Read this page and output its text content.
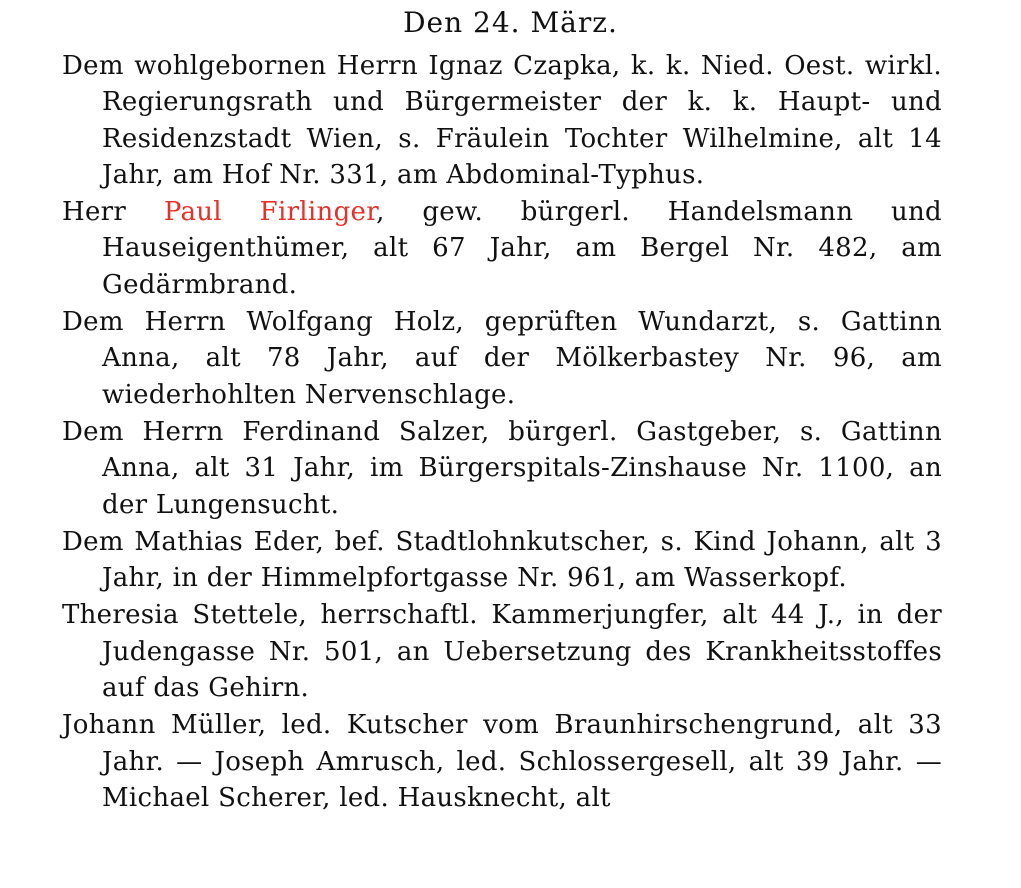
Den 24. März.

Dem wohlgebornen Herrn Ignaz Czapka, k. k. Nied. Oest. wirkl. Regierungsrath und Bürgermeister der k. k. Haupt- und Residenzstadt Wien, s. Fräulein Tochter Wilhelmine, alt 14 Jahr, am Hof Nr. 331, am Abdominal-Typhus.

Herr Paul Firlinger, gew. bürgerl. Handelsmann und Hauseigenthümer, alt 67 Jahr, am Bergel Nr. 482, am Gedärmbrand.

Dem Herrn Wolfgang Holz, geprüften Wundarzt, s. Gattinn Anna, alt 78 Jahr, auf der Mölkerbastey Nr. 96, am wiederhohlten Nervenschlage.

Dem Herrn Ferdinand Salzer, bürgerl. Gastgeber, s. Gattinn Anna, alt 31 Jahr, im Bürgerspitals-Zinshause Nr. 1100, an der Lungensucht.

Dem Mathias Eder, bef. Stadtlohnkutscher, s. Kind Johann, alt 3 Jahr, in der Himmelpfortgasse Nr. 961, am Wasserkopf.

Theresia Stettele, herrschaftl. Kammerjungfer, alt 44 J., in der Judengasse Nr. 501, an Uebersetzung des Krankheitsstoffes auf das Gehirn.

Johann Müller, led. Kutscher vom Braunhirschengrund, alt 33 Jahr. — Joseph Amrusch, led. Schlossergesell, alt 39 Jahr. — Michael Scherer, led. Hausknecht, alt
